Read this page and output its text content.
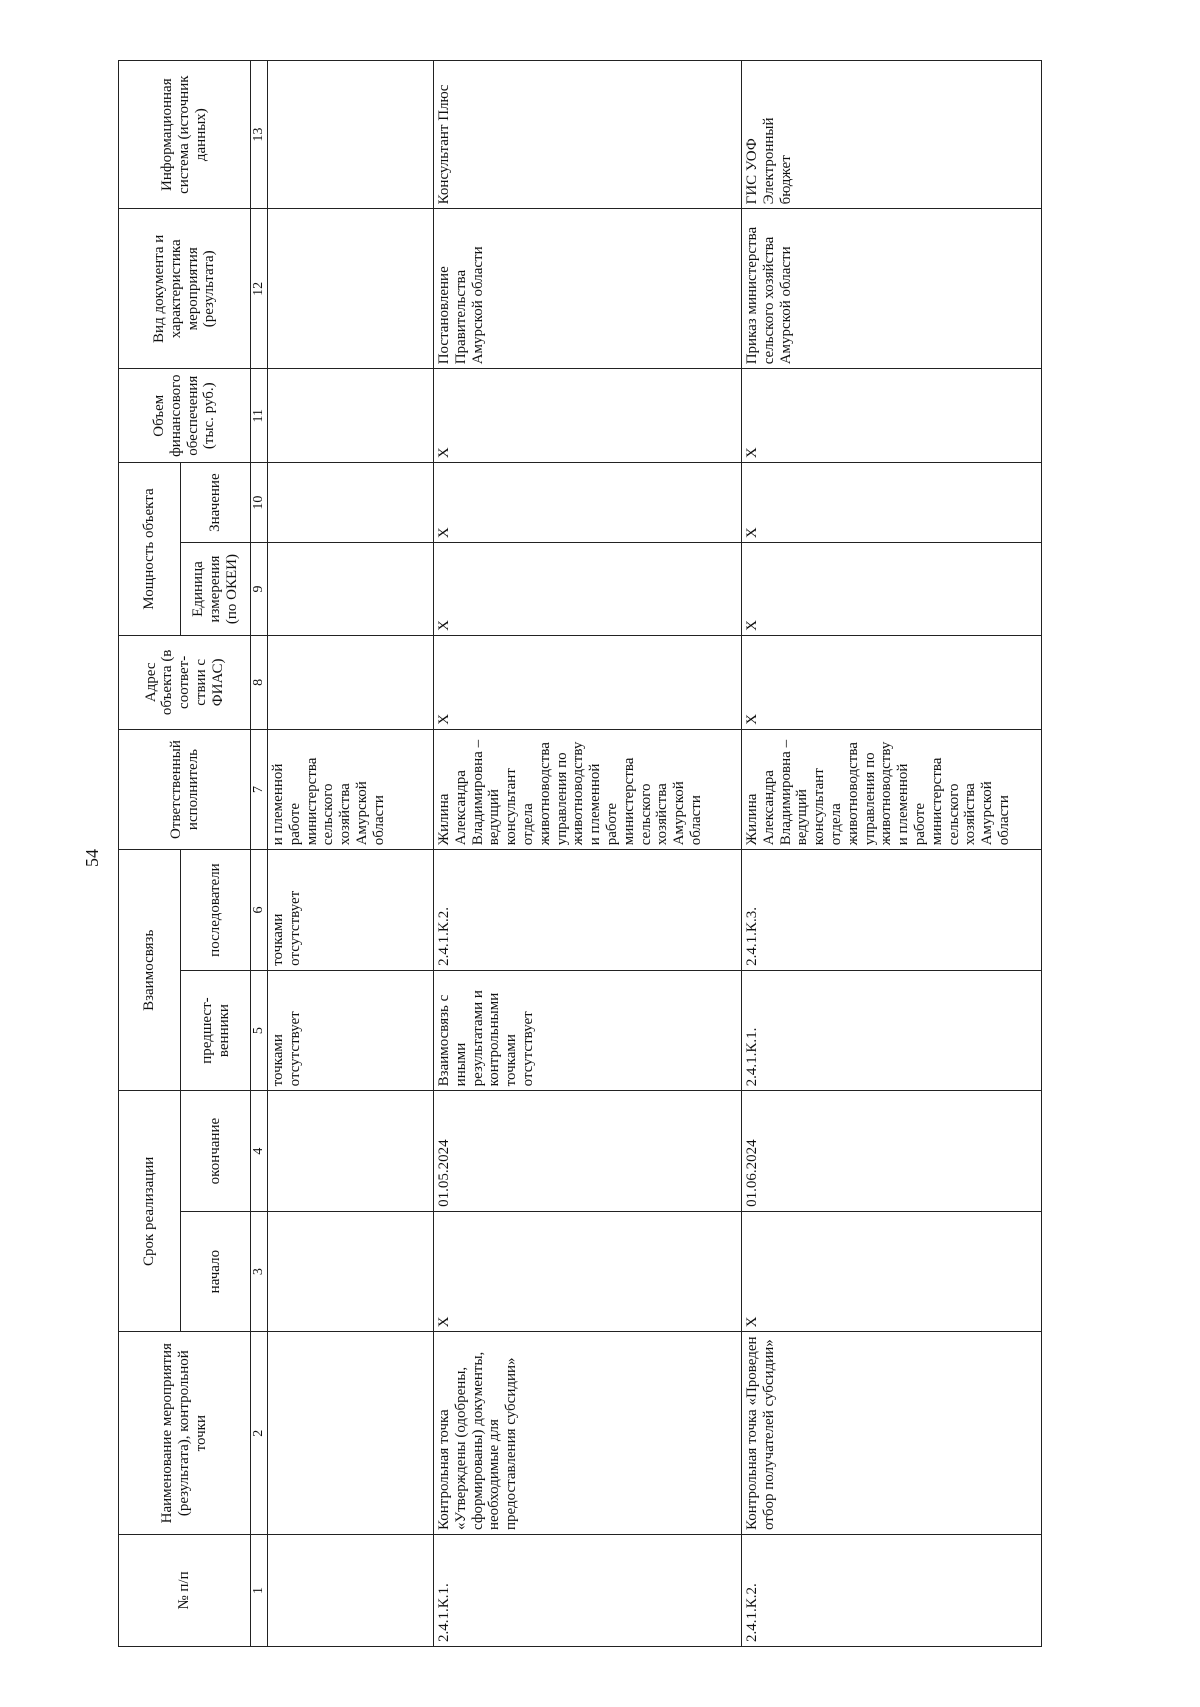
54
№ п/п	Наименование мероприятия (результата), контрольной точки	Срок реализации		Взаимосвязь		Ответственный исполнитель	Адрес объекта (в соответ-ствии с ФИАС)	Мощность объекта		Объем финансового обеспечения (тыс. руб.)	Вид документа и характеристика мероприятия (результата)	Информационная система (источник данных)
		начало	окончание	предшест-венники	последователи			Единица измерения (по ОКЕИ)	Значение			
1	2	3	4	5	6	7	8	9	10	11	12	13
				точками отсутствует	точками отсутствует	и племенной работе министерства сельского хозяйства Амурской области						
2.4.1.К.1.	Контрольная точка «Утверждены (одобрены, сформированы) документы, необходимые для предоставления субсидии»	X	01.05.2024	Взаимосвязь с иными результатами и контрольными точками отсутствует	2.4.1.К.2.	Жилина Александра Владимировна – ведущий консультант отдела животноводства управления по животноводству и племенной работе министерства сельского хозяйства Амурской области	X	X	X	X	Постановление Правительства Амурской области	Консультант Плюс
2.4.1.К.2.	Контрольная точка «Проведен отбор получателей субсидии»	X	01.06.2024	2.4.1.К.1.	2.4.1.К.3.	Жилина Александра Владимировна – ведущий консультант отдела животноводства управления по животноводству и племенной работе министерства сельского хозяйства Амурской области	X	X	X	X	Приказ министерства сельского хозяйства Амурской области	ГИС УОФ Электронный бюджет
